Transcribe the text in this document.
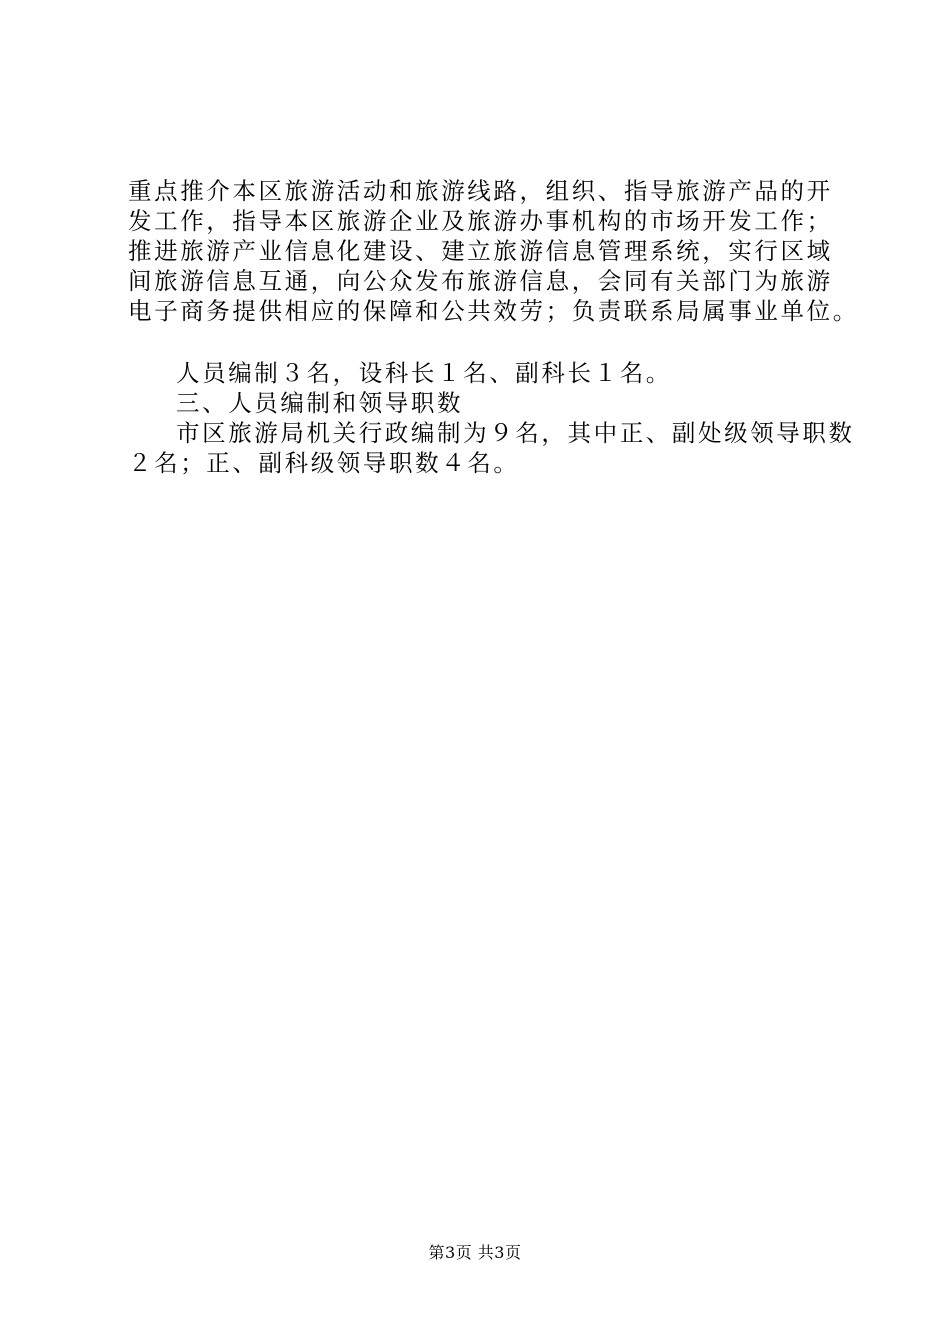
重点推介本区旅游活动和旅游线路，组织、指导旅游产品的开
发工作，指导本区旅游企业及旅游办事机构的市场开发工作；
推进旅游产业信息化建设、建立旅游信息管理系统，实行区域
间旅游信息互通，向公众发布旅游信息，会同有关部门为旅游
电子商务提供相应的保障和公共效劳；负责联系局属事业单位。
人员编制３名，设科长１名、副科长１名。
三、人员编制和领导职数
市区旅游局机关行政编制为９名，其中正、副处级领导职数
２名；正、副科级领导职数４名。
第3页 共3页
